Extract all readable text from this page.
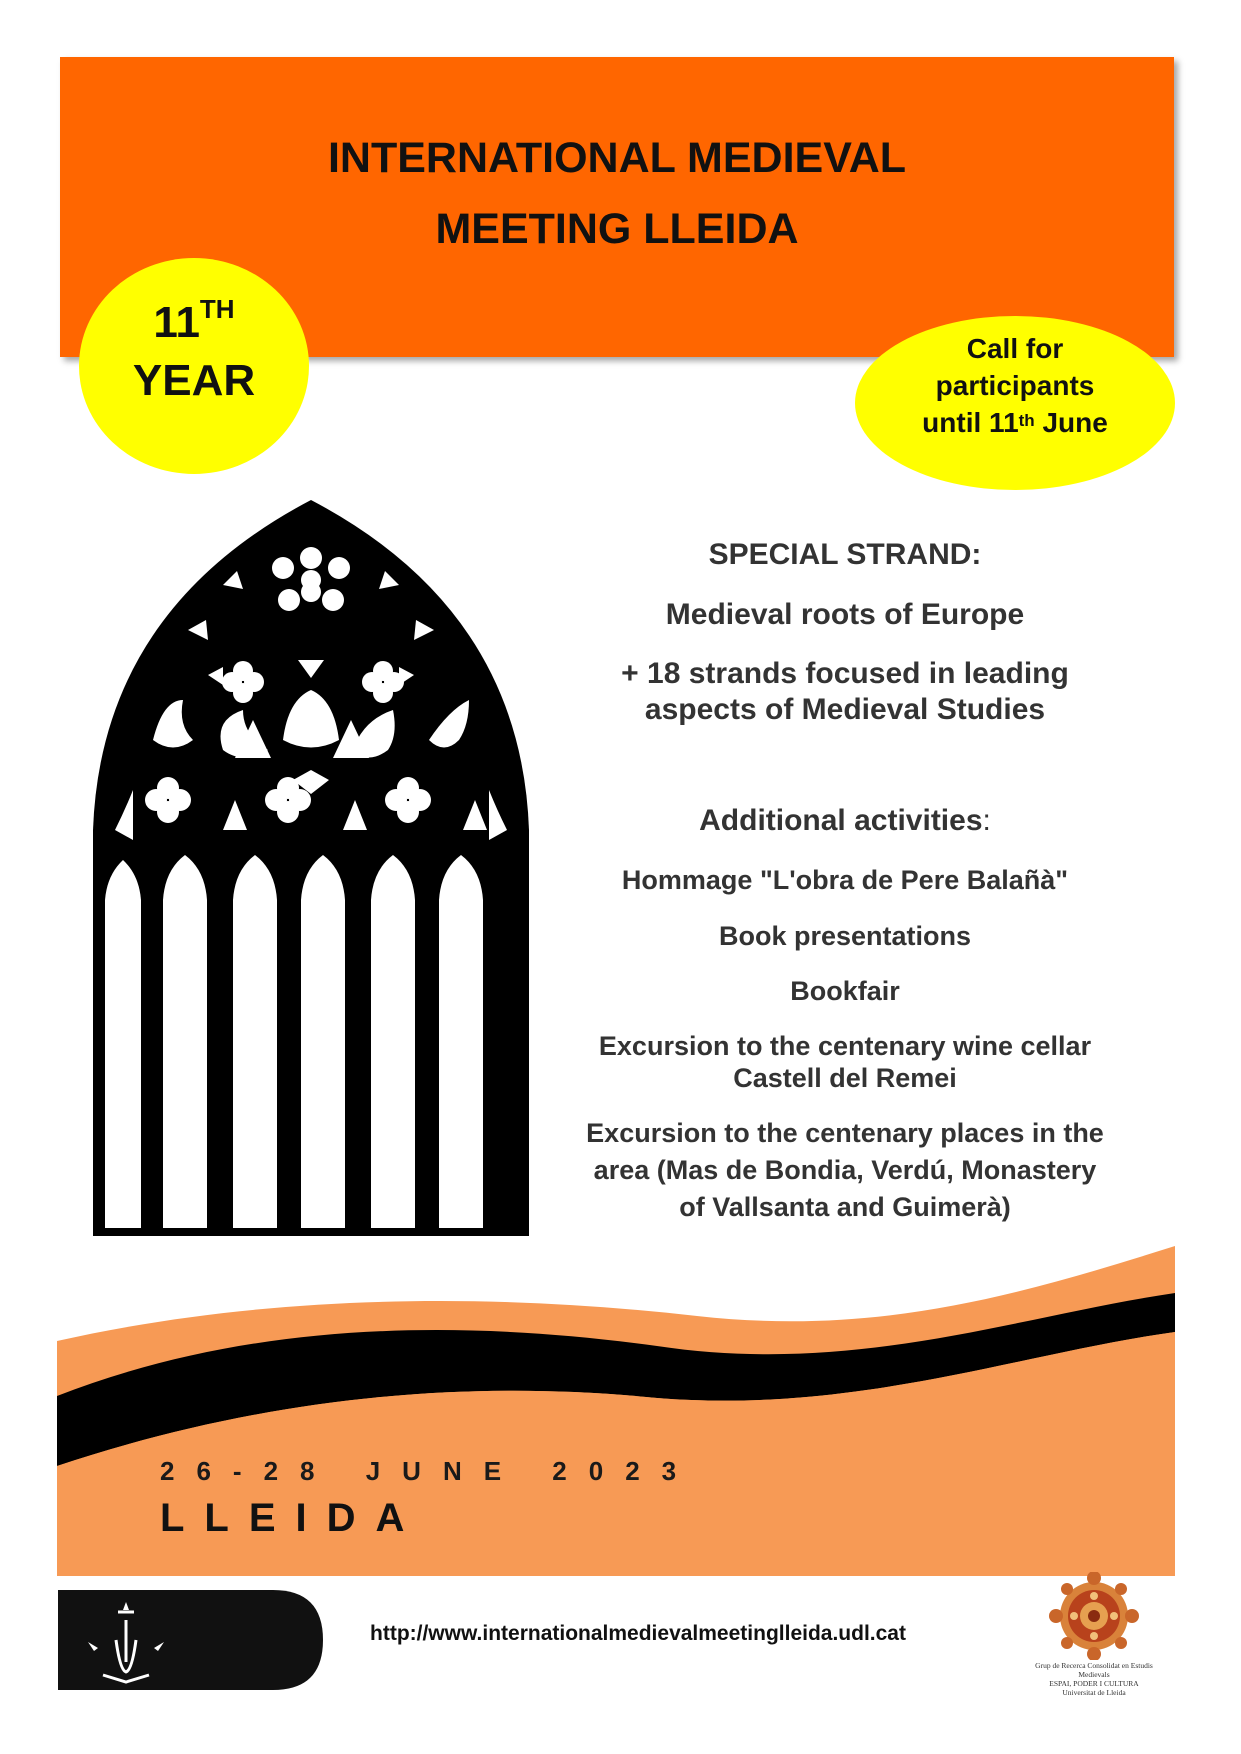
INTERNATIONAL MEDIEVAL
MEETING LLEIDA
11TH
YEAR
Call for
participants
until 11th June
SPECIAL STRAND:
Medieval roots of Europe
+ 18 strands focused in leading
aspects of Medieval Studies
Additional activities:
Hommage "L'obra de Pere Balañà"
Book presentations
Bookfair
Excursion to the centenary wine cellar
Castell del Remei
Excursion to the centenary places in the
area (Mas de Bondia, Verdú, Monastery
of Vallsanta and Guimerà)
26-28 JUNE 2023
LLEIDA
http://www.internationalmedievalmeetinglleida.udl.cat
Grup de Recerca Consolidat en Estudis
Medievals
ESPAI, PODER I CULTURA
Universitat de Lleida
